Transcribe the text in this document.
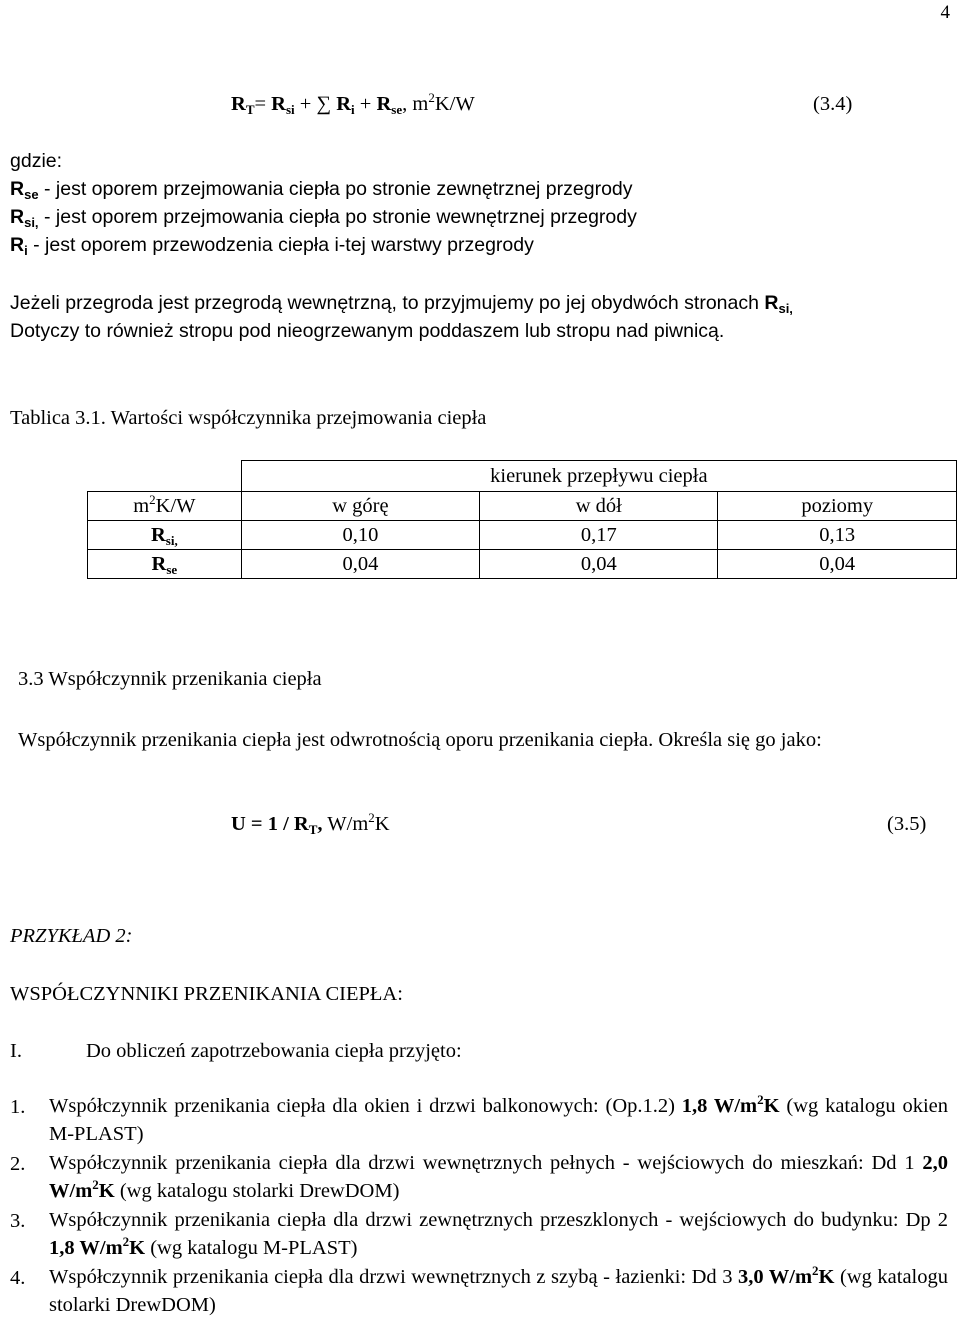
4
$R_T= R_{si}$ + ∑ $R_i + R_{se}$, $m^2K/W$	(3.4)
gdzie:
$R_{se}$ - jest oporem przejmowania ciepła po stronie zewnętrznej przegrody
$R_{si,}$ - jest oporem przejmowania ciepła po stronie wewnętrznej przegrody
$R_i$ - jest oporem przewodzenia ciepła i-tej warstwy przegrody
Jeżeli przegroda jest przegrodą wewnętrzną, to przyjmujemy po jej obydwóch stronach $R_{si,}$
Dotyczy to również stropu pod nieogrzewanym poddaszem lub stropu nad piwnicą.
Tablica 3.1. Wartości współczynnika przejmowania ciepła
	kierunek przepływu ciepła		
$m^2K/W$	w górę	w dół	poziomy
$R_{si,}$	0,10	0,17	0,13
$R_{se}$	0,04	0,04	0,04
3.3 Współczynnik przenikania ciepła
Współczynnik przenikania ciepła jest odwrotnością oporu przenikania ciepła. Określa się go jako:
$U = 1 / R_T$, $W/m^2K$	(3.5)
PRZYKŁAD 2:
WSPÓŁCZYNNIKI PRZENIKANIA CIEPŁA:
I.	Do obliczeń zapotrzebowania ciepła przyjęto:
1. Współczynnik przenikania ciepła dla okien i drzwi balkonowych: (Op.1.2) 1,8 $W/m^2K$ (wg katalogu okien M-PLAST)
2. Współczynnik przenikania ciepła dla drzwi wewnętrznych pełnych - wejściowych do mieszkań: Dd 1 2,0 $W/m^2K$ (wg katalogu stolarki DrewDOM)
3. Współczynnik przenikania ciepła dla drzwi zewnętrznych przeszklonych - wejściowych do budynku: Dp 2 1,8 $W/m^2K$ (wg katalogu M-PLAST)
4. Współczynnik przenikania ciepła dla drzwi wewnętrznych z szybą - łazienki: Dd 3 3,0 $W/m^2K$ (wg katalogu stolarki DrewDOM)
